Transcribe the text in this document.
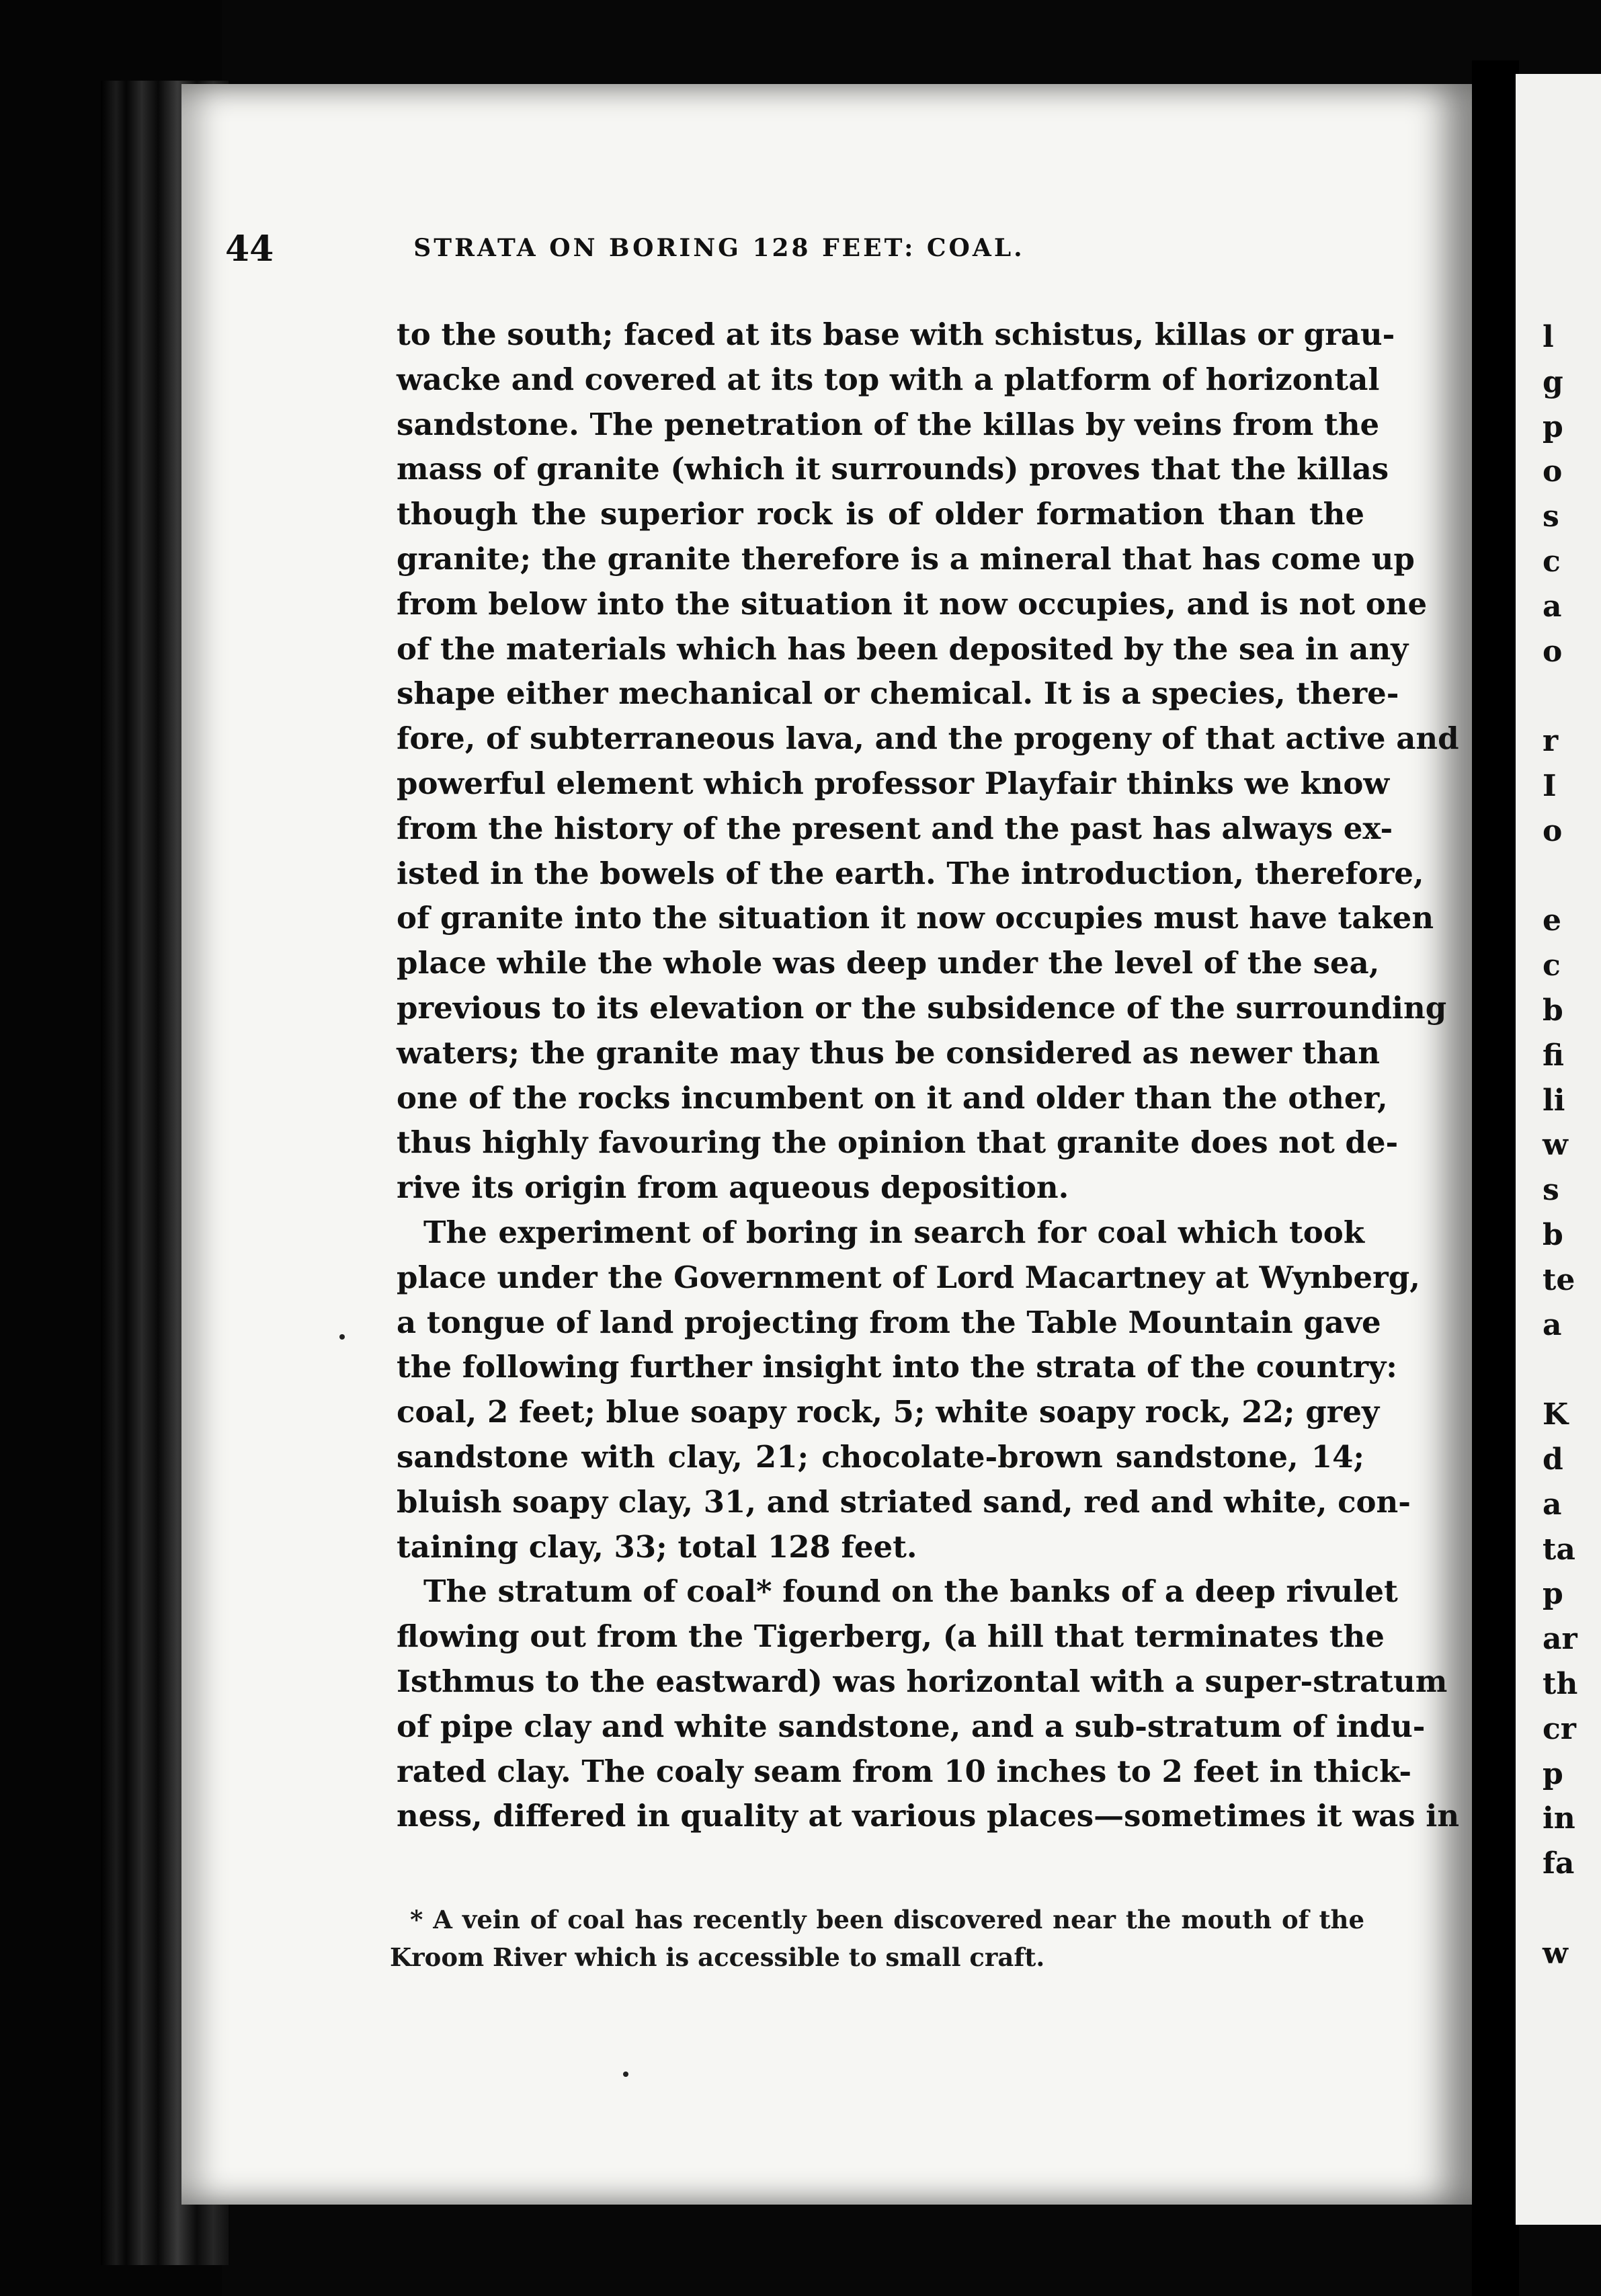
l
g
p
o
s
c
a
o
r
I
o
e
c
b
fi
li
w
s
b
te
a
K
d
a
ta
p
ar
th
cr
p
in
fa
w
44	STRATA ON BORING 128 FEET: COAL.
to the south; faced at its base with schistus, killas or grau-
wacke and covered at its top with a platform of horizontal
sandstone. The penetration of the killas by veins from the
mass of granite (which it surrounds) proves that the killas
though the superior rock is of older formation than the
granite; the granite therefore is a mineral that has come up
from below into the situation it now occupies, and is not one
of the materials which has been deposited by the sea in any
shape either mechanical or chemical. It is a species, there-
fore, of subterraneous lava, and the progeny of that active and
powerful element which professor Playfair thinks we know
from the history of the present and the past has always ex-
isted in the bowels of the earth. The introduction, therefore,
of granite into the situation it now occupies must have taken
place while the whole was deep under the level of the sea,
previous to its elevation or the subsidence of the surrounding
waters; the granite may thus be considered as newer than
one of the rocks incumbent on it and older than the other,
thus highly favouring the opinion that granite does not de-
rive its origin from aqueous deposition.
The experiment of boring in search for coal which took
place under the Government of Lord Macartney at Wynberg,
a tongue of land projecting from the Table Mountain gave
the following further insight into the strata of the country:
coal, 2 feet; blue soapy rock, 5; white soapy rock, 22; grey
sandstone with clay, 21; chocolate-brown sandstone, 14;
bluish soapy clay, 31, and striated sand, red and white, con-
taining clay, 33; total 128 feet.
The stratum of coal* found on the banks of a deep rivulet
flowing out from the Tigerberg, (a hill that terminates the
Isthmus to the eastward) was horizontal with a super-stratum
of pipe clay and white sandstone, and a sub-stratum of indu-
rated clay. The coaly seam from 10 inches to 2 feet in thick-
ness, differed in quality at various places—sometimes it was in
* A vein of coal has recently been discovered near the mouth of the
Kroom River which is accessible to small craft.
